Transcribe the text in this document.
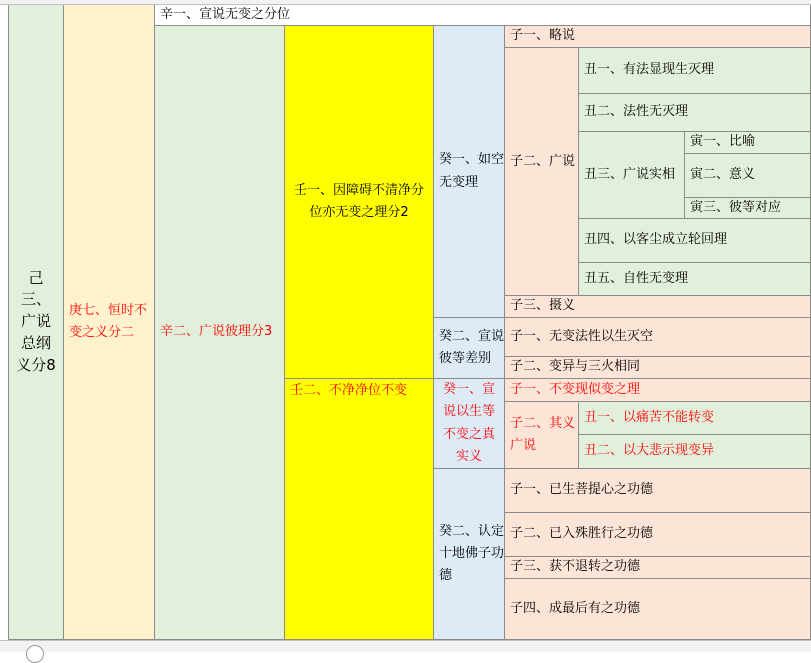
己三、广说总纲义分8
庚七、恒时不变之义分二
辛一、宣说无变之分位
辛二、广说彼理分3
壬一、因障碍不清净分位亦无变之理分2
壬二、不净净位不变
癸一、如空无变理
癸二、宣说彼等差别
癸一、宣说以生等不变之真实义
癸二、认定十地佛子功德
子一、略说
子二、广说
丑一、有法显现生灭理
丑二、法性无灭理
丑三、广说实相
寅一、比喻
寅二、意义
寅三、彼等对应
丑四、以客尘成立轮回理
丑五、自性无变理
子三、摄义
子一、无变法性以生灭空
子二、变异与三火相同
子一、不变现似变之理
子二、其义广说
丑一、以痛苦不能转变
丑二、以大悲示现变异
子一、已生菩提心之功德
子二、已入殊胜行之功德
子三、获不退转之功德
子四、成最后有之功德
